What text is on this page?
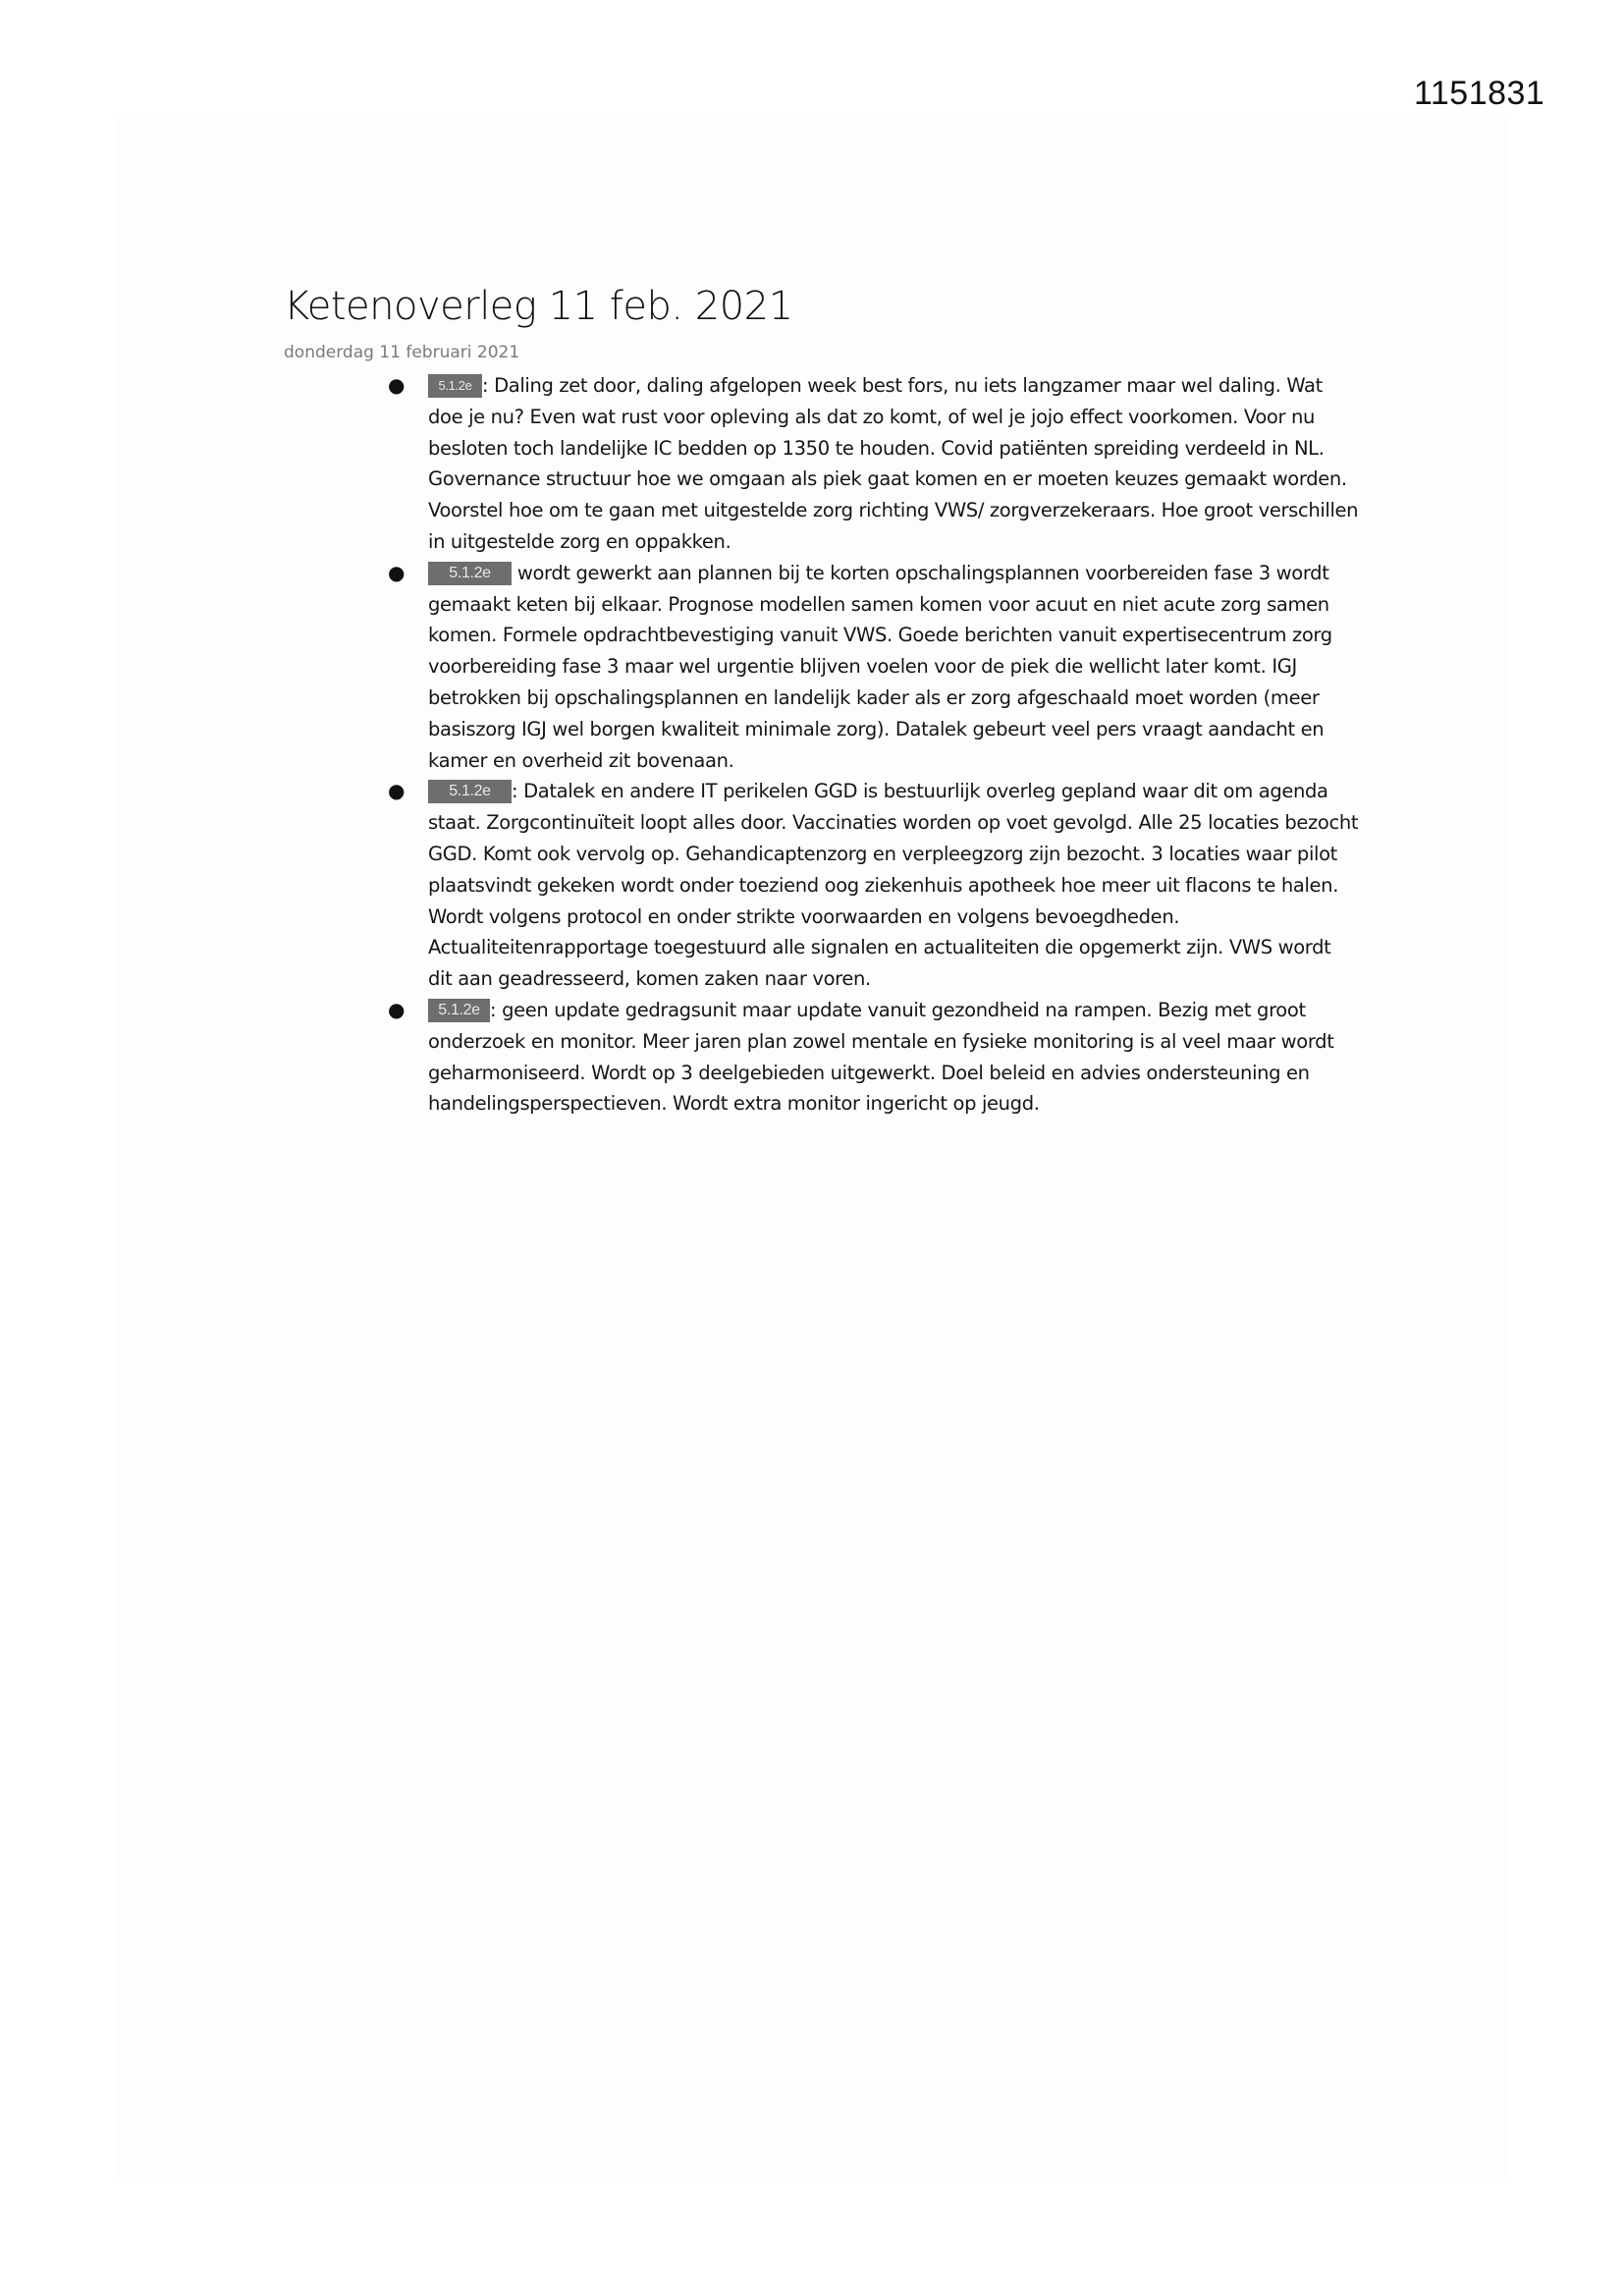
1151831
Ketenoverleg 11 feb. 2021
donderdag 11 februari 2021
●	5.1.2e : Daling zet door, daling afgelopen week best fors, nu iets langzamer maar wel daling. Wat doe je nu? Even wat rust voor opleving als dat zo komt, of wel je jojo effect voorkomen. Voor nu besloten toch landelijke IC bedden op 1350 te houden. Covid patiënten spreiding verdeeld in NL. Governance structuur hoe we omgaan als piek gaat komen en er moeten keuzes gemaakt worden. Voorstel hoe om te gaan met uitgestelde zorg richting VWS/ zorgverzekeraars. Hoe groot verschillen in uitgestelde zorg en oppakken.
●	5.1.2e wordt gewerkt aan plannen bij te korten opschalingsplannen voorbereiden fase 3 wordt gemaakt keten bij elkaar. Prognose modellen samen komen voor acuut en niet acute zorg samen komen. Formele opdrachtbevestiging vanuit VWS. Goede berichten vanuit expertisecentrum zorg voorbereiding fase 3 maar wel urgentie blijven voelen voor de piek die wellicht later komt. IGJ betrokken bij opschalingsplannen en landelijk kader als er zorg afgeschaald moet worden (meer basiszorg IGJ wel borgen kwaliteit minimale zorg). Datalek gebeurt veel pers vraagt aandacht en kamer en overheid zit bovenaan.
●	5.1.2e : Datalek en andere IT perikelen GGD is bestuurlijk overleg gepland waar dit om agenda staat. Zorgcontinuïteit loopt alles door. Vaccinaties worden op voet gevolgd. Alle 25 locaties bezocht GGD. Komt ook vervolg op. Gehandicaptenzorg en verpleegzorg zijn bezocht. 3 locaties waar pilot plaatsvindt gekeken wordt onder toeziend oog ziekenhuis apotheek hoe meer uit flacons te halen. Wordt volgens protocol en onder strikte voorwaarden en volgens bevoegdheden. Actualiteitenrapportage toegestuurd alle signalen en actualiteiten die opgemerkt zijn. VWS wordt dit aan geadresseerd, komen zaken naar voren.
● 5.1.2e : geen update gedragsunit maar update vanuit gezondheid na rampen. Bezig met groot onderzoek en monitor. Meer jaren plan zowel mentale en fysieke monitoring is al veel maar wordt geharmoniseerd. Wordt op 3 deelgebieden uitgewerkt. Doel beleid en advies ondersteuning en handelingsperspectieven. Wordt extra monitor ingericht op jeugd.
